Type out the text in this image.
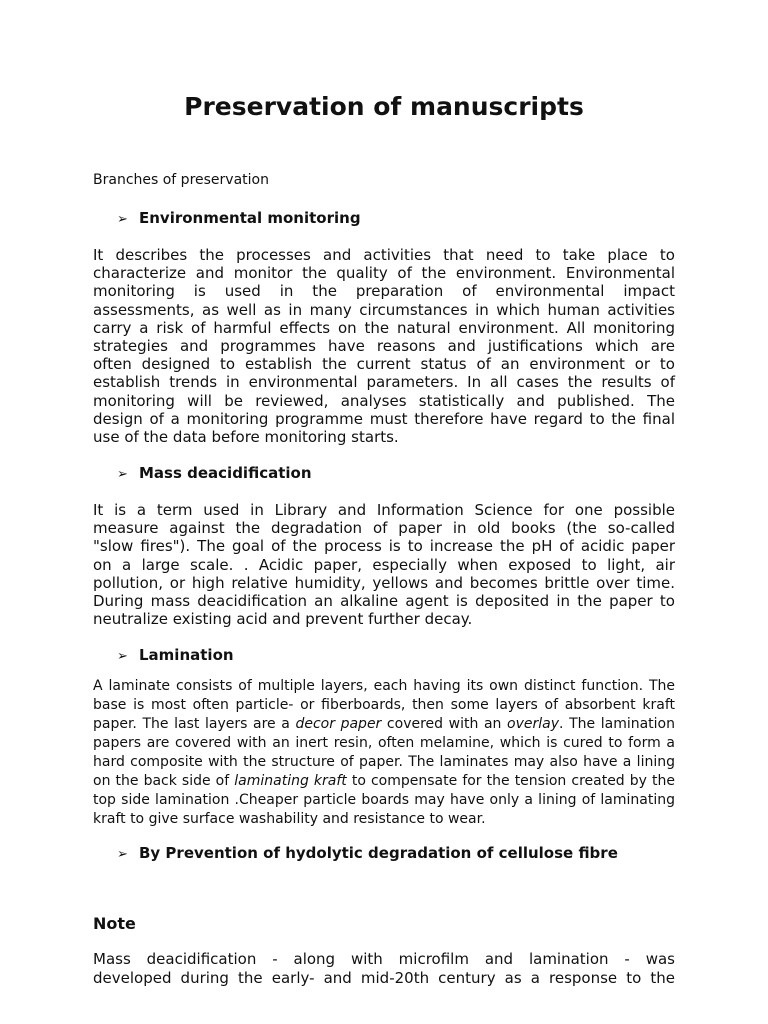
Preservation of manuscripts

Branches of preservation

➢ Environmental monitoring

It describes the processes and activities that need to take place to
characterize and monitor the quality of the environment. Environmental
monitoring is used in the preparation of environmental impact
assessments, as well as in many circumstances in which human activities
carry a risk of harmful effects on the natural environment. All monitoring
strategies and programmes have reasons and justifications which are
often designed to establish the current status of an environment or to
establish trends in environmental parameters. In all cases the results of
monitoring will be reviewed, analyses statistically and published. The
design of a monitoring programme must therefore have regard to the final
use of the data before monitoring starts.

➢ Mass deacidification

It is a term used in Library and Information Science for one possible
measure against the degradation of paper in old books (the so-called
"slow fires"). The goal of the process is to increase the pH of acidic paper
on a large scale. . Acidic paper, especially when exposed to light, air
pollution, or high relative humidity, yellows and becomes brittle over time.
During mass deacidification an alkaline agent is deposited in the paper to
neutralize existing acid and prevent further decay.

➢ Lamination

A laminate consists of multiple layers, each having its own distinct function. The
base is most often particle- or fiberboards, then some layers of absorbent kraft
paper. The last layers are a decor paper covered with an overlay. The lamination
papers are covered with an inert resin, often melamine, which is cured to form a
hard composite with the structure of paper. The laminates may also have a lining
on the back side of laminating kraft to compensate for the tension created by the
top side lamination .Cheaper particle boards may have only a lining of laminating
kraft to give surface washability and resistance to wear.

➢ By Prevention of hydolytic degradation of cellulose fibre

Note

Mass deacidification - along with microfilm and lamination - was
developed during the early- and mid-20th century as a response to the
